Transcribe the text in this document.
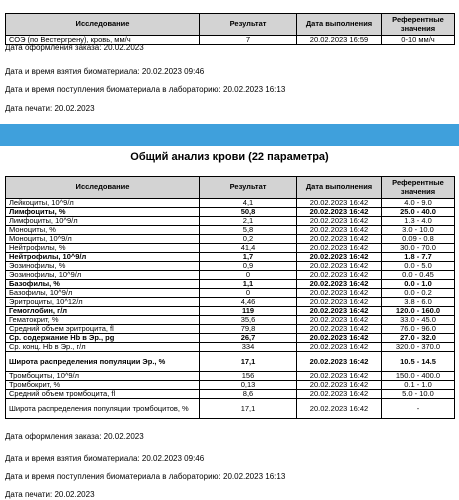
Исследование	Результат	Дата выполнения	Референтные значения
СОЭ (по Вестергрену), кровь, мм/ч	7	20.02.2023 16:59	0-10 мм/ч
Дата оформления заказа: 20.02.2023
Дата и время взятия биоматериала: 20.02.2023 09:46
Дата и время поступления биоматериала в лабораторию: 20.02.2023 16:13
Дата печати: 20.02.2023
Общий анализ крови (22 параметра)
Исследование	Результат	Дата выполнения	Референтные значения
Лейкоциты, 10^9/л	4,1	20.02.2023 16:42	4.0 - 9.0
Лимфоциты, %	50,8	20.02.2023 16:42	25.0 - 40.0
Лимфоциты, 10^9/л	2,1	20.02.2023 16:42	1.3 - 4.0
Моноциты, %	5,8	20.02.2023 16:42	3.0 - 10.0
Моноциты, 10^9/л	0,2	20.02.2023 16:42	0.09 - 0.8
Нейтрофилы, %	41,4	20.02.2023 16:42	30.0 - 70.0
Нейтрофилы, 10^9/л	1,7	20.02.2023 16:42	1.8 - 7.7
Эозинофилы, %	0,9	20.02.2023 16:42	0.0 - 5.0
Эозинофилы, 10^9/л	0	20.02.2023 16:42	0.0 - 0.45
Базофилы, %	1,1	20.02.2023 16:42	0.0 - 1.0
Базофилы, 10^9/л	0	20.02.2023 16:42	0.0 - 0.2
Эритроциты, 10^12/л	4,46	20.02.2023 16:42	3.8 - 6.0
Гемоглобин, г/л	119	20.02.2023 16:42	120.0 - 160.0
Гематокрит, %	35,6	20.02.2023 16:42	33.0 - 45.0
Средний объем эритроцита, fl	79,8	20.02.2023 16:42	76.0 - 96.0
Ср. содержание Hb в Эр., pg	26,7	20.02.2023 16:42	27.0 - 32.0
Ср. конц. Hb в Эр., г/л	334	20.02.2023 16:42	320.0 - 370.0
Широта распределения популяции Эр., %	17,1	20.02.2023 16:42	10.5 - 14.5
Тромбоциты, 10^9/л	156	20.02.2023 16:42	150.0 - 400.0
Тромбокрит, %	0,13	20.02.2023 16:42	0.1 - 1.0
Средний объем тромбоцита, fl	8,6	20.02.2023 16:42	5.0 - 10.0
Широта распределения популяции тромбоцитов, %	17,1	20.02.2023 16:42	-
Дата оформления заказа: 20.02.2023
Дата и время взятия биоматериала: 20.02.2023 09:46
Дата и время поступления биоматериала в лабораторию: 20.02.2023 16:13
Дата печати: 20.02.2023
